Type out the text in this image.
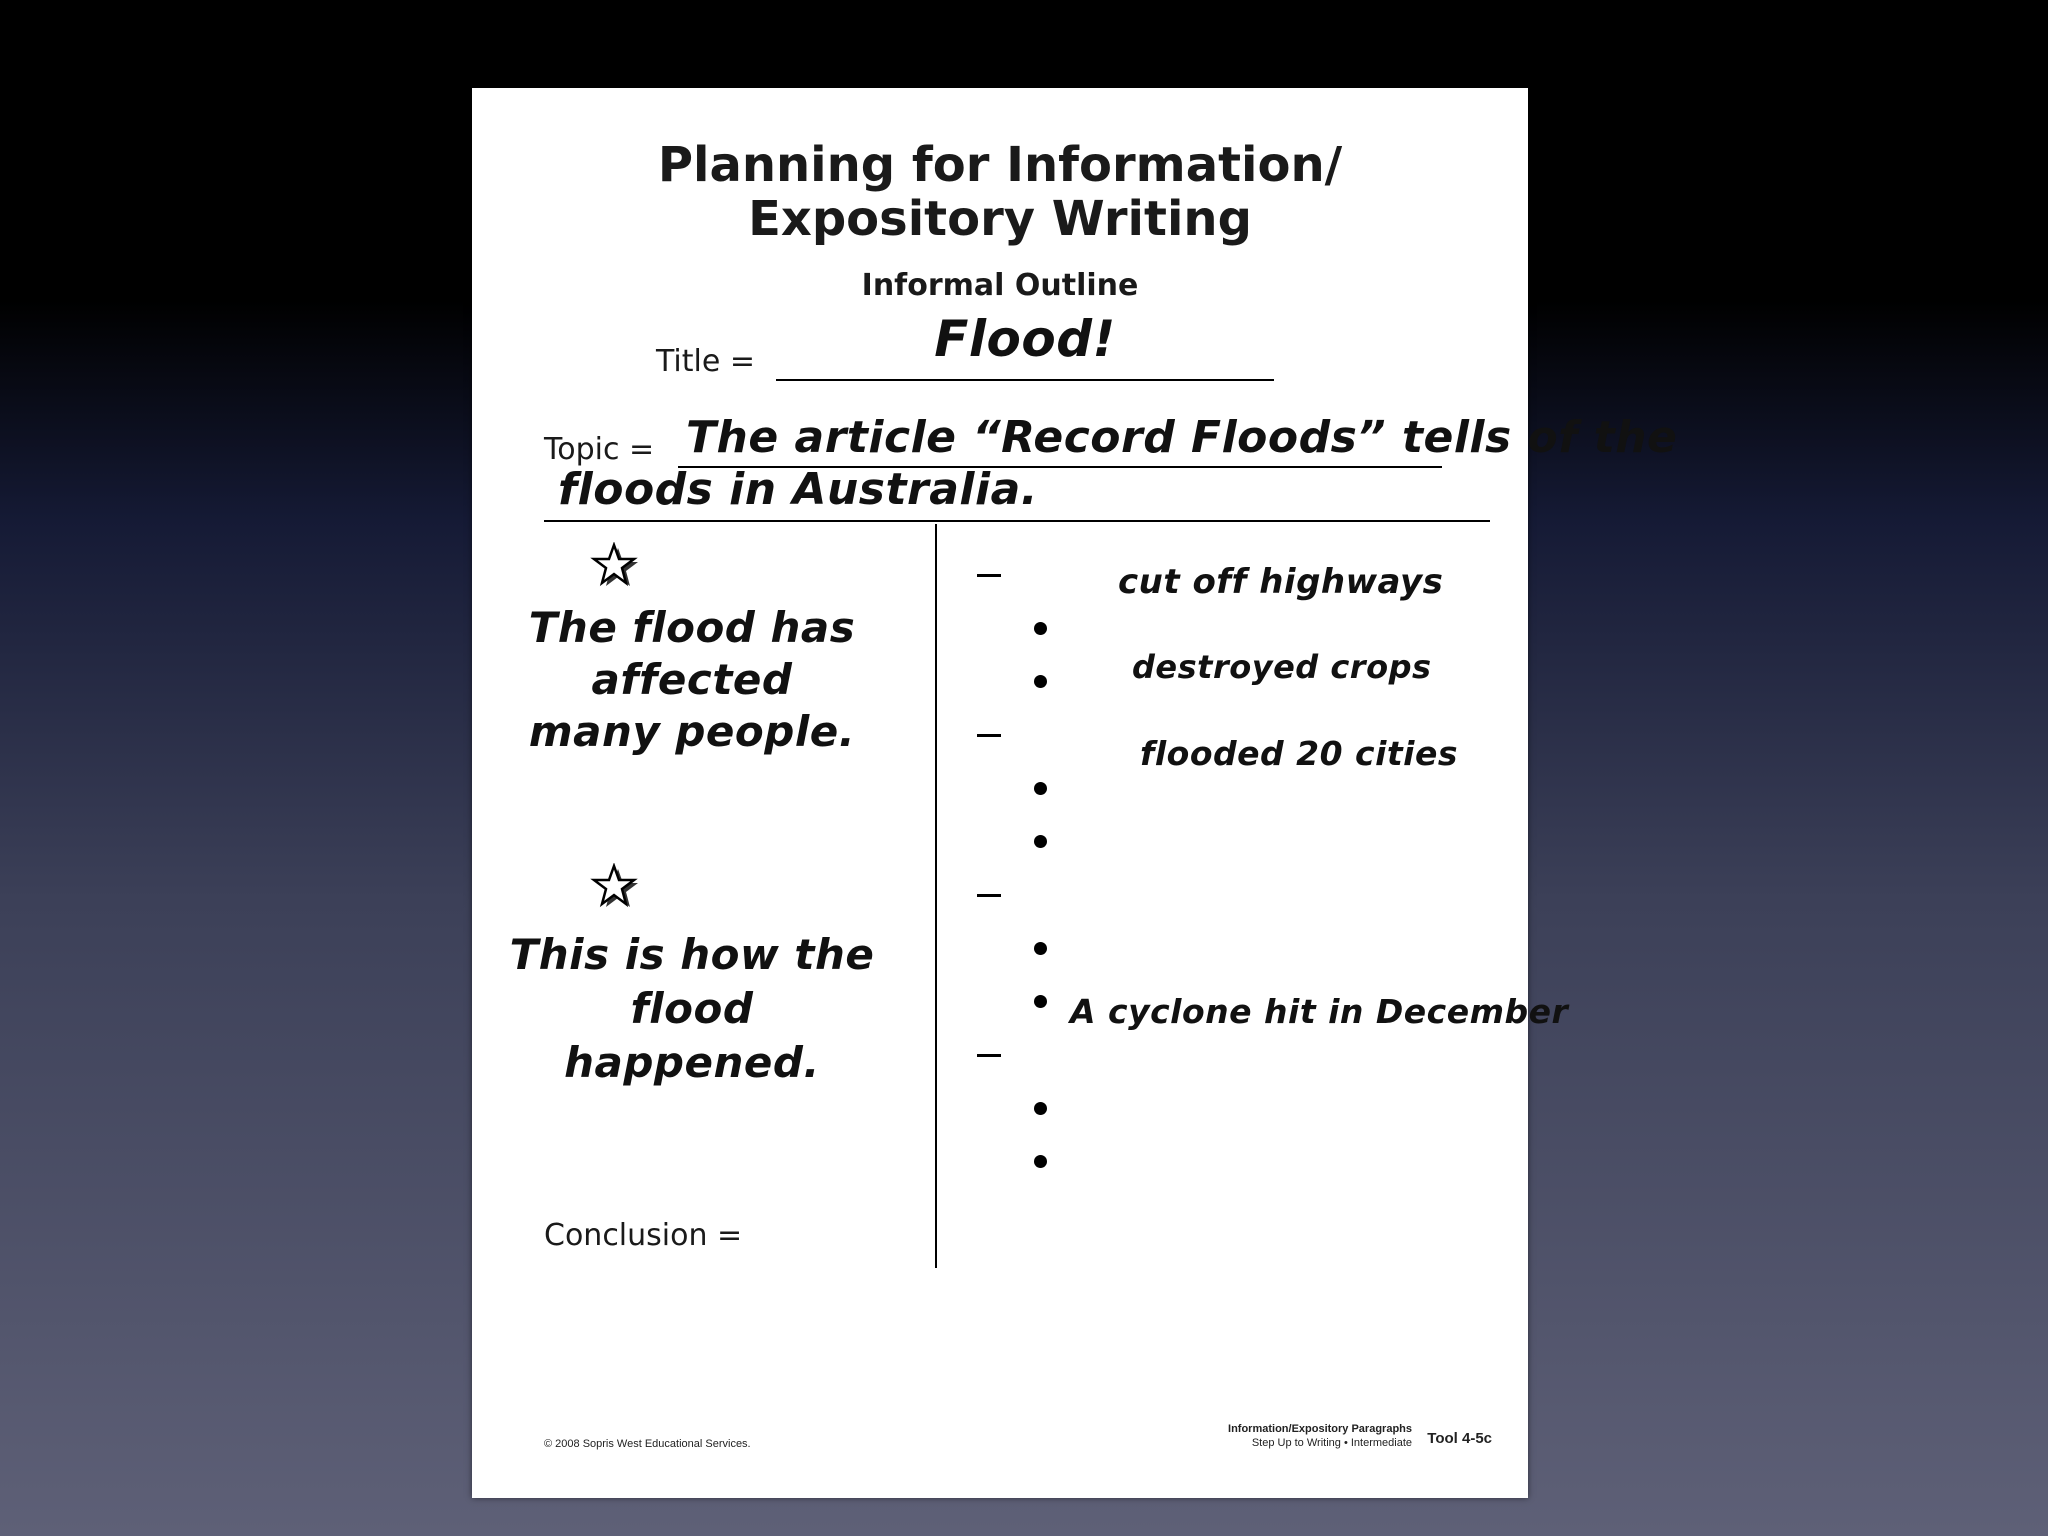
Planning for Information/
Expository Writing
Informal Outline
Title =	Flood!
Topic = The article “Record Floods” tells of the
floods in Australia.
The flood has affected
many people.
This is how the flood
happened.
cut off highways
destroyed crops
flooded 20 cities
A cyclone hit in December
Conclusion =
© 2008 Sopris West Educational Services.
Information/Expository Paragraphs
Step Up to Writing • Intermediate	Tool 4-5c
